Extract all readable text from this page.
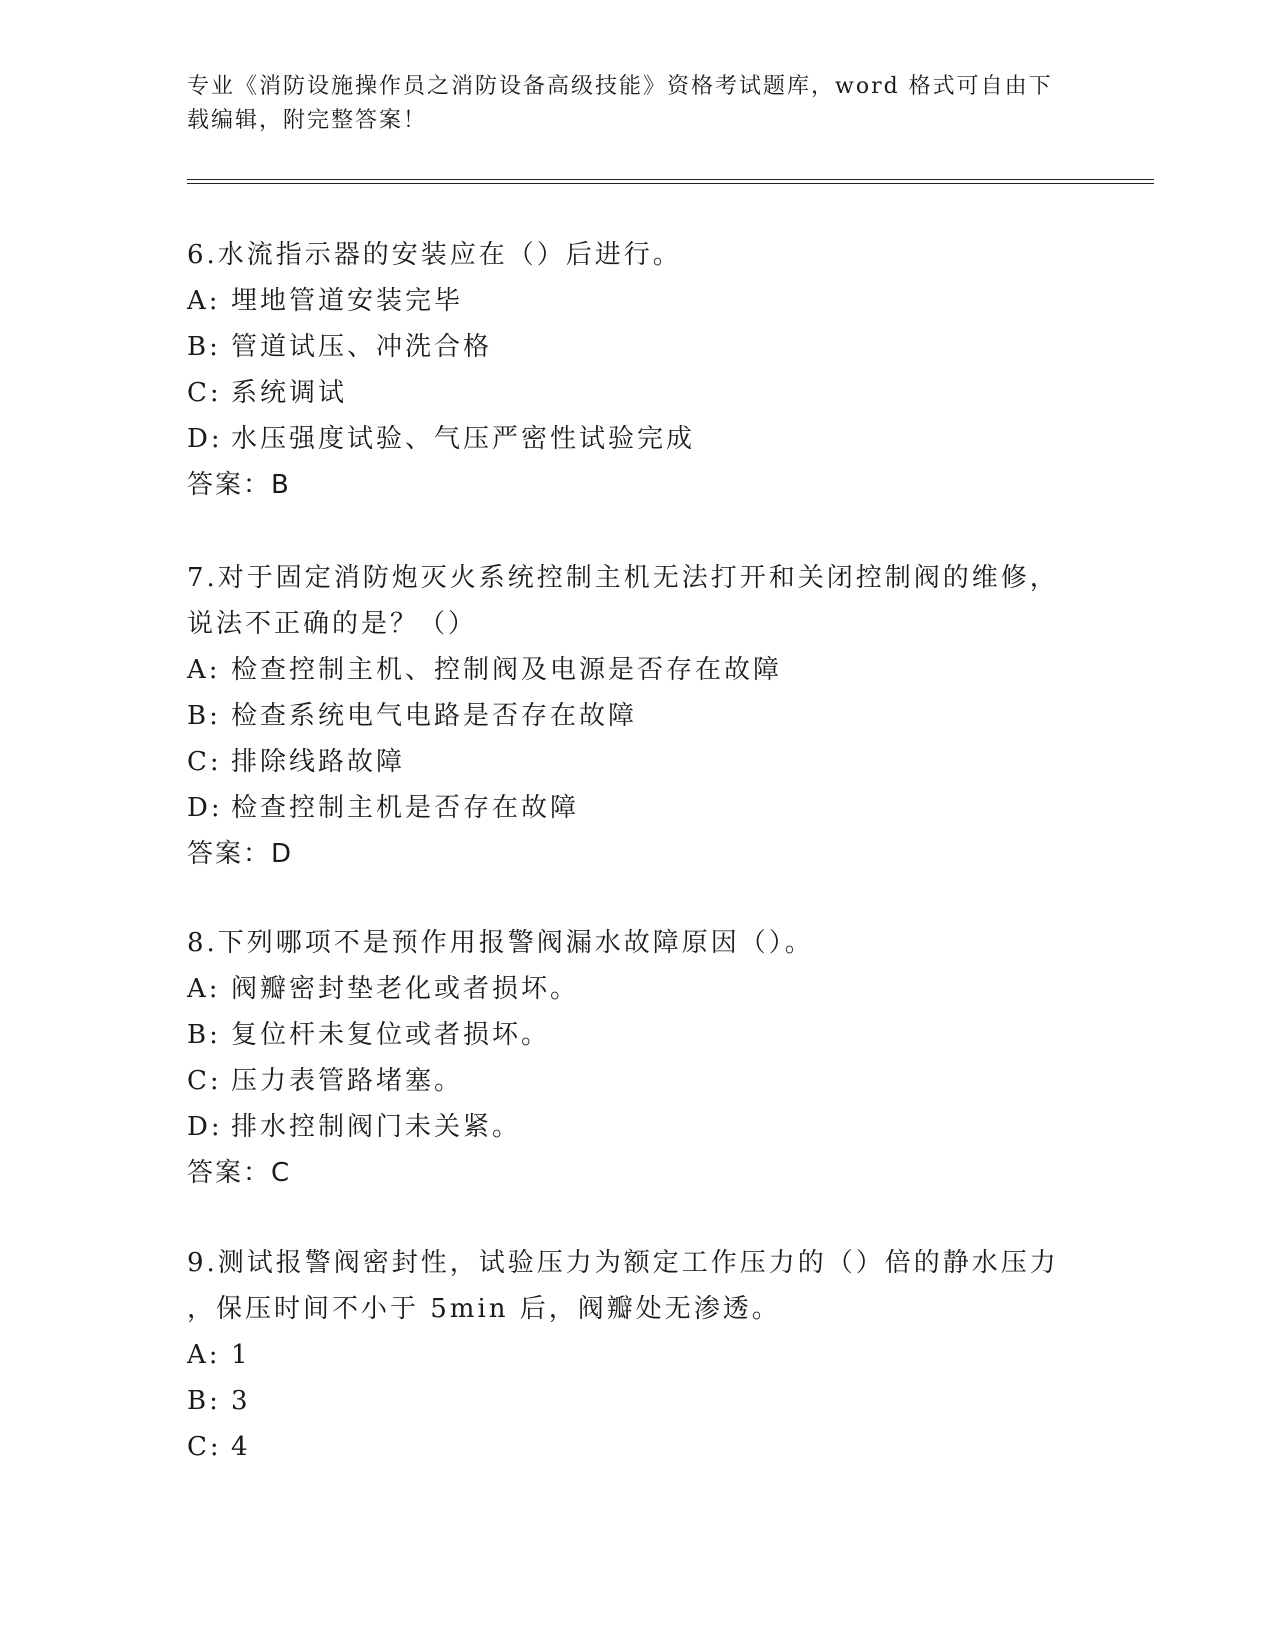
专业《消防设施操作员之消防设备高级技能》资格考试题库，word 格式可自由下
载编辑，附完整答案！

6.水流指示器的安装应在（）后进行。

A: 埋地管道安装完毕

B: 管道试压、冲洗合格

C: 系统调试

D: 水压强度试验、气压严密性试验完成

答案：B

7.对于固定消防炮灭火系统控制主机无法打开和关闭控制阀的维修，

说法不正确的是？（）

A: 检查控制主机、控制阀及电源是否存在故障

B: 检查系统电气电路是否存在故障

C: 排除线路故障

D: 检查控制主机是否存在故障

答案：D

8.下列哪项不是预作用报警阀漏水故障原因（）。

A: 阀瓣密封垫老化或者损坏。

B: 复位杆未复位或者损坏。

C: 压力表管路堵塞。

D: 排水控制阀门未关紧。

答案：C

9.测试报警阀密封性，试验压力为额定工作压力的（）倍的静水压力

，保压时间不小于 5min 后，阀瓣处无渗透。

A: 1

B: 3

C: 4
